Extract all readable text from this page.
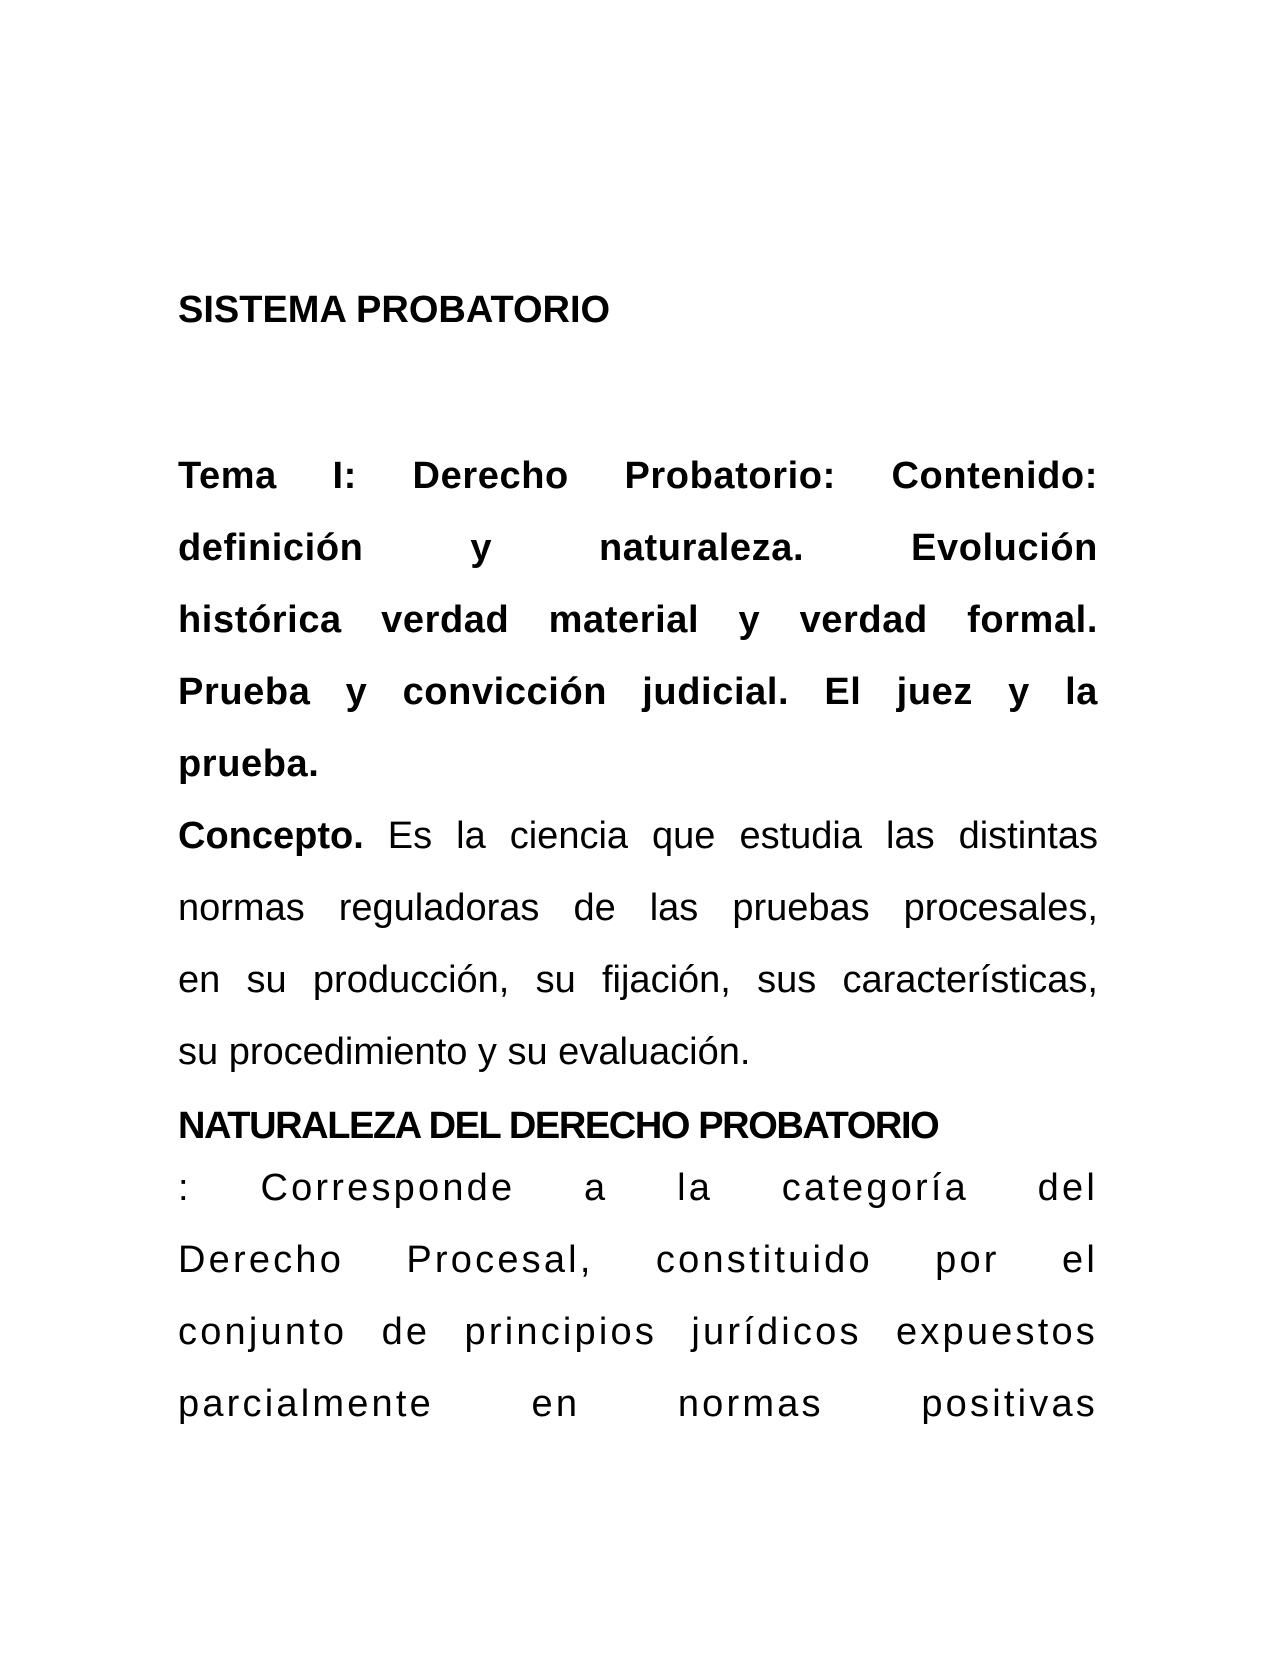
SISTEMA PROBATORIO
Tema I: Derecho Probatorio: Contenido:
definición y naturaleza. Evolución
histórica verdad material y verdad formal.
Prueba y convicción judicial. El juez y la
prueba.
Concepto. Es la ciencia que estudia las distintas
normas reguladoras de las pruebas procesales,
en su producción, su fijación, sus características,
su procedimiento y su evaluación.
NATURALEZA DEL DERECHO PROBATORIO
: Corresponde a la categoría del
Derecho Procesal, constituido por el
conjunto de principios jurídicos expuestos
parcialmente en normas positivas
